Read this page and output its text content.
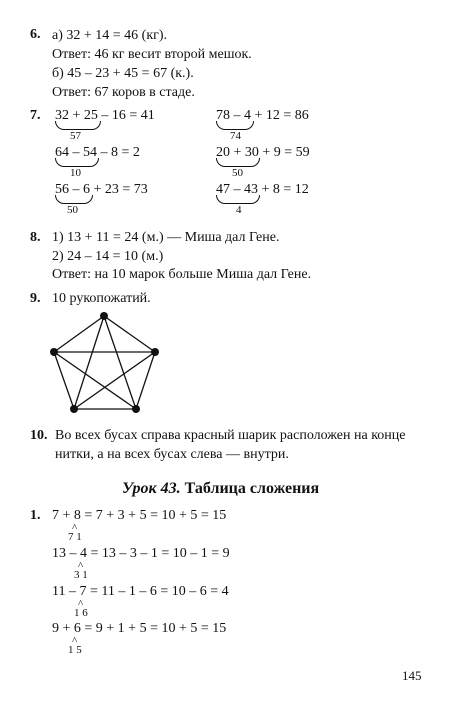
6. а) 32 + 14 = 46 (кг).
Ответ: 46 кг весит второй мешок.
б) 45 – 23 + 45 = 67 (к.).
Ответ: 67 коров в стаде.
7. 32 + 25 – 16 = 41
57
78 – 4 + 12 = 86
74
64 – 54 – 8 = 2
10
20 + 30 + 9 = 59
50
56 – 6 + 23 = 73
50
47 – 43 + 8 = 12
4
8. 1) 13 + 11 = 24 (м.) — Миша дал Гене.
2) 24 – 14 = 10 (м.)
Ответ: на 10 марок больше Миша дал Гене.
9. 10 рукопожатий.
10. Во всех бусах справа красный шарик расположен на конце
нитки, а на всех бусах слева — внутри.
Урок 43. Таблица сложения
1. 7 + 8 = 7 + 3 + 5 = 10 + 5 = 15
^
7 1
13 – 4 = 13 – 3 – 1 = 10 – 1 = 9
^
3 1
11 – 7 = 11 – 1 – 6 = 10 – 6 = 4
^
1 6
9 + 6 = 9 + 1 + 5 = 10 + 5 = 15
^
1 5
145
